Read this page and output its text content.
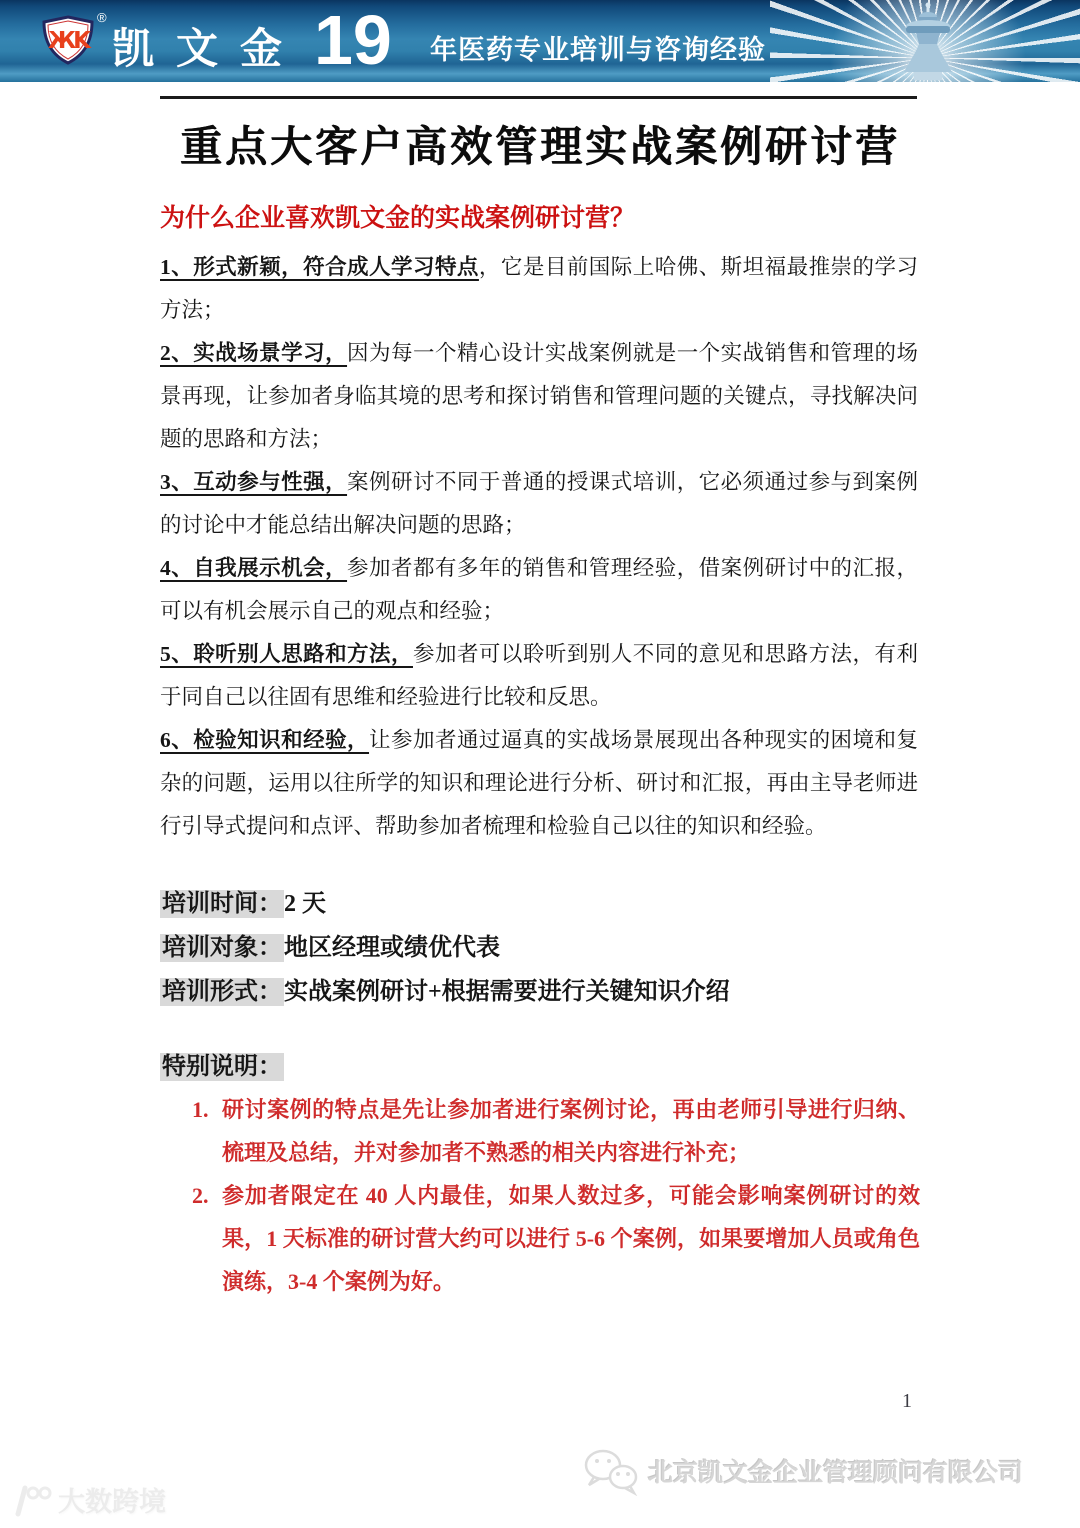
ЖK
®
凯文金 19 年医药专业培训与咨询经验
重点大客户高效管理实战案例研讨营
为什么企业喜欢凯文金的实战案例研讨营？

1、形式新颖，符合成人学习特点，它是目前国际上哈佛、斯坦福最推崇的学习方法；

2、实战场景学习，因为每一个精心设计实战案例就是一个实战销售和管理的场景再现，让参加者身临其境的思考和探讨销售和管理问题的关键点，寻找解决问题的思路和方法；

3、互动参与性强，案例研讨不同于普通的授课式培训，它必须通过参与到案例的讨论中才能总结出解决问题的思路；

4、自我展示机会，参加者都有多年的销售和管理经验，借案例研讨中的汇报，可以有机会展示自己的观点和经验；

5、聆听别人思路和方法，参加者可以聆听到别人不同的意见和思路方法，有利于同自己以往固有思维和经验进行比较和反思。

6、检验知识和经验，让参加者通过逼真的实战场景展现出各种现实的困境和复杂的问题，运用以往所学的知识和理论进行分析、研讨和汇报，再由主导老师进行引导式提问和点评、帮助参加者梳理和检验自己以往的知识和经验。

培训时间：2 天
培训对象：地区经理或绩优代表
培训形式：实战案例研讨+根据需要进行关键知识介绍
特别说明：
1. 研讨案例的特点是先让参加者进行案例讨论，再由老师引导进行归纳、梳理及总结，并对参加者不熟悉的相关内容进行补充；
2. 参加者限定在 40 人内最佳，如果人数过多，可能会影响案例研讨的效果，1 天标准的研讨营大约可以进行 5-6 个案例，如果要增加人员或角色演练，3-4 个案例为好。
1
北京凯文金企业管理顾问有限公司
大数跨境
